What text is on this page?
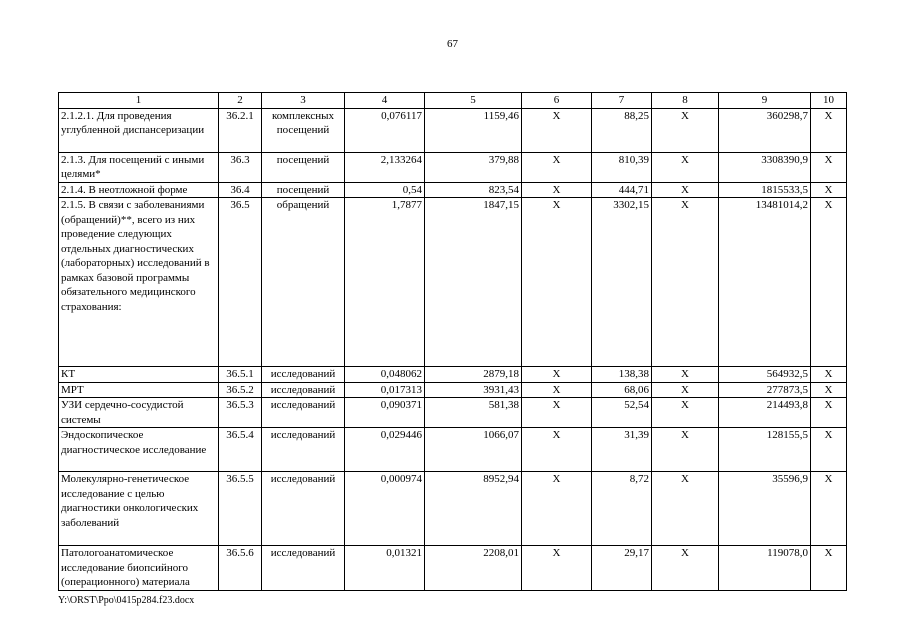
67
1	2	3	4	5	6	7	8	9	10
2.1.2.1. Для проведения углубленной диспансеризации	36.2.1	комплексных посещений	0,076117	1159,46	X	88,25	X	360298,7	X
2.1.3. Для посещений с иными целями*	36.3	посещений	2,133264	379,88	X	810,39	X	3308390,9	X
2.1.4. В неотложной форме	36.4	посещений	0,54	823,54	X	444,71	X	1815533,5	X
2.1.5. В связи с заболеваниями (обращений)**, всего из них проведение следующих отдельных диагностических (лабораторных) исследований в рамках базовой программы обязательного медицинского страхования:	36.5	обращений	1,7877	1847,15	X	3302,15	X	13481014,2	X
КТ	36.5.1	исследований	0,048062	2879,18	X	138,38	X	564932,5	X
МРТ	36.5.2	исследований	0,017313	3931,43	X	68,06	X	277873,5	X
УЗИ сердечно-сосудистой системы	36.5.3	исследований	0,090371	581,38	X	52,54	X	214493,8	X
Эндоскопическое диагностическое исследование	36.5.4	исследований	0,029446	1066,07	X	31,39	X	128155,5	X
Молекулярно-генетическое исследование с целью диагностики онкологических заболеваний	36.5.5	исследований	0,000974	8952,94	X	8,72	X	35596,9	X
Патологоанатомическое исследование биопсийного (операционного) материала	36.5.6	исследований	0,01321	2208,01	X	29,17	X	119078,0	X
Y:\ORST\Ppo\0415p284.f23.docx
